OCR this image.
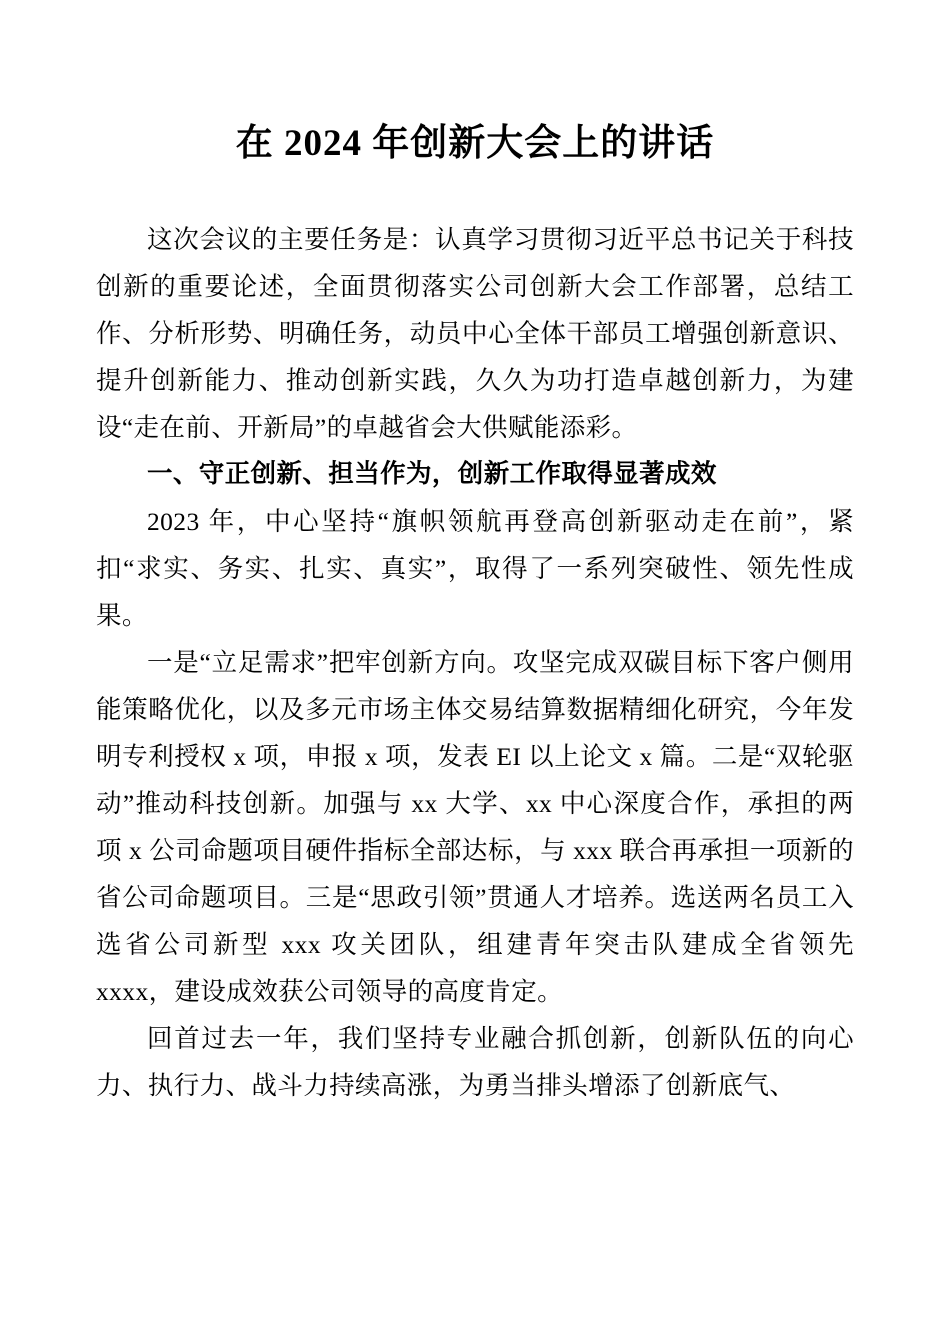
在 2024 年创新大会上的讲话

这次会议的主要任务是：认真学习贯彻习近平总书记关于科技创新的重要论述，全面贯彻落实公司创新大会工作部署，总结工作、分析形势、明确任务，动员中心全体干部员工增强创新意识、提升创新能力、推动创新实践，久久为功打造卓越创新力，为建设“走在前、开新局”的卓越省会大供赋能添彩。

一、守正创新、担当作为，创新工作取得显著成效

2023 年，中心坚持“旗帜领航再登高创新驱动走在前”，紧扣“求实、务实、扎实、真实”，取得了一系列突破性、领先性成果。

一是“立足需求”把牢创新方向。攻坚完成双碳目标下客户侧用能策略优化，以及多元市场主体交易结算数据精细化研究，今年发明专利授权 x 项，申报 x 项，发表 EI 以上论文 x 篇。二是“双轮驱动”推动科技创新。加强与 xx 大学、xx 中心深度合作，承担的两项 x 公司命题项目硬件指标全部达标，与 xxx 联合再承担一项新的省公司命题项目。三是“思政引领”贯通人才培养。选送两名员工入选省公司新型 xxx 攻关团队，组建青年突击队建成全省领先 xxxx，建设成效获公司领导的高度肯定。

回首过去一年，我们坚持专业融合抓创新，创新队伍的向心力、执行力、战斗力持续高涨，为勇当排头增添了创新底气、
